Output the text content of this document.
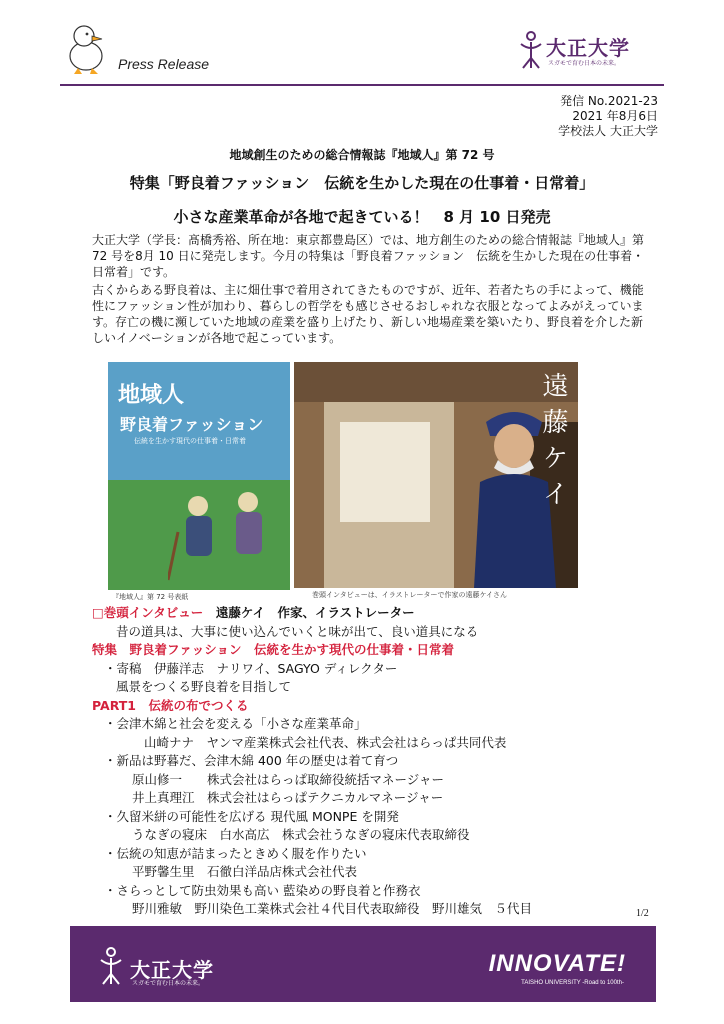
Press Release
大正大学
スガモで育む日本の未来。
発信 No.2021-23
2021 年8月6日
学校法人 大正大学
地域創生のための総合情報誌『地域人』第 72 号
特集「野良着ファッション　伝統を生かした現在の仕事着・日常着」
小さな産業革命が各地で起きている！　8 月 10 日発売

大正大学（学長：髙橋秀裕、所在地：東京都豊島区）では、地方創生のための総合情報誌『地域人』第 72 号を8月 10 日に発売します。今月の特集は「野良着ファッション　伝統を生かした現在の仕事着・日常着」です。

古くからある野良着は、主に畑仕事で着用されてきたものですが、近年、若者たちの手によって、機能性にファッション性が加わり、暮らしの哲学をも感じさせるおしゃれな衣服となってよみがえっています。存亡の機に瀕していた地域の産業を盛り上げたり、新しい地場産業を築いたり、野良着を介した新しいイノベーションが各地で起こっています。

地域人
野良着ファッション
伝統を生かす現代の仕事着・日常着
『地域人』第 72 号表紙
遠藤ケイ
巻頭インタビューは、イラストレーターで作家の遠藤ケイさん
□巻頭インタビュー　遠藤ケイ　作家、イラストレーター
昔の道具は、大事に使い込んでいくと味が出て、良い道具になる
特集　野良着ファッション　伝統を生かす現代の仕事着・日常着
・寄稿　伊藤洋志　ナリワイ、SAGYO ディレクター
風景をつくる野良着を目指して
PART1　伝統の布でつくる
・会津木綿と社会を変える「小さな産業革命」
山崎ナナ　ヤンマ産業株式会社代表、株式会社はらっぱ共同代表
・新品は野暮だ、会津木綿 400 年の歴史は着て育つ
原山修一　　株式会社はらっぱ取締役統括マネージャー
井上真理江　株式会社はらっぱテクニカルマネージャー
・久留米絣の可能性を広げる 現代風 MONPE を開発
うなぎの寝床　白水高広　株式会社うなぎの寝床代表取締役
・伝統の知恵が詰まったときめく服を作りたい
平野馨生里　石徹白洋品店株式会社代表
・さらっとして防虫効果も高い 藍染めの野良着と作務衣
野川雅敏　野川染色工業株式会社４代目代表取締役　野川雄気　５代目	1/2
大正大学
スガモで育む日本の未来。
INNOVATE!
TAISHO UNIVERSITY -Road to 100th-
